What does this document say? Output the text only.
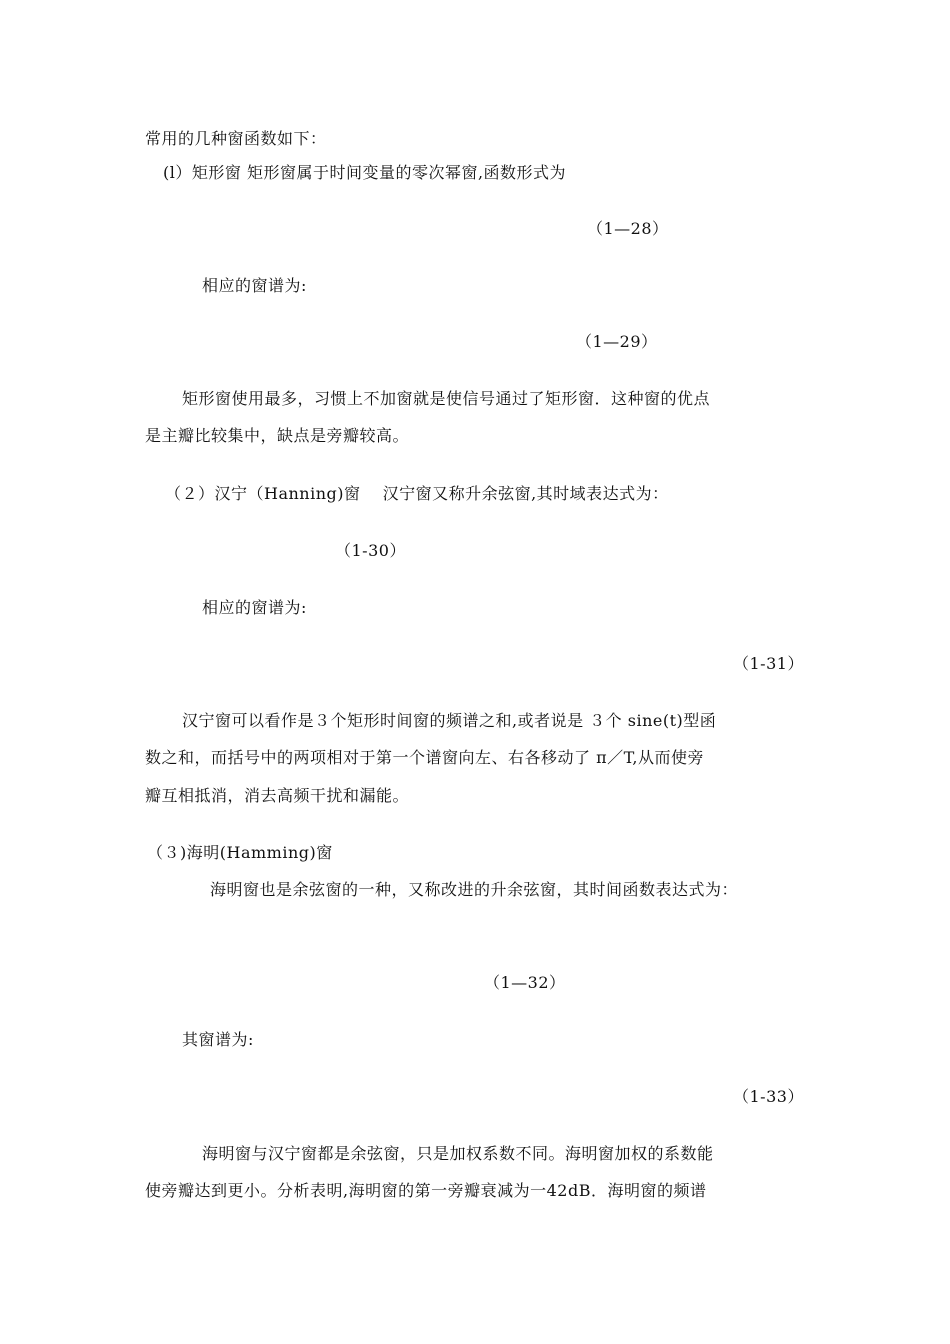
常用的几种窗函数如下：
(l）矩形窗 矩形窗属于时间变量的零次幂窗,函数形式为
（1—28）
相应的窗谱为:
（1—29）
矩形窗使用最多，习惯上不加窗就是使信号通过了矩形窗．这种窗的优点
是主瓣比较集中，缺点是旁瓣较高。
（２）汉宁（Hanning)窗　 汉宁窗又称升余弦窗,其时域表达式为：
（1-30）
相应的窗谱为:
（1-31）
汉宁窗可以看作是３个矩形时间窗的频谱之和,或者说是 ３个 sine(t)型函
数之和，而括号中的两项相对于第一个谱窗向左、右各移动了 π／T,从而使旁
瓣互相抵消，消去高频干扰和漏能。
（３)海明(Hamming)窗
海明窗也是余弦窗的一种，又称改进的升余弦窗，其时间函数表达式为：
（1—32）
其窗谱为:
（1-33）
海明窗与汉宁窗都是余弦窗，只是加权系数不同。海明窗加权的系数能
使旁瓣达到更小。分析表明,海明窗的第一旁瓣衰减为一42dB．海明窗的频谱
